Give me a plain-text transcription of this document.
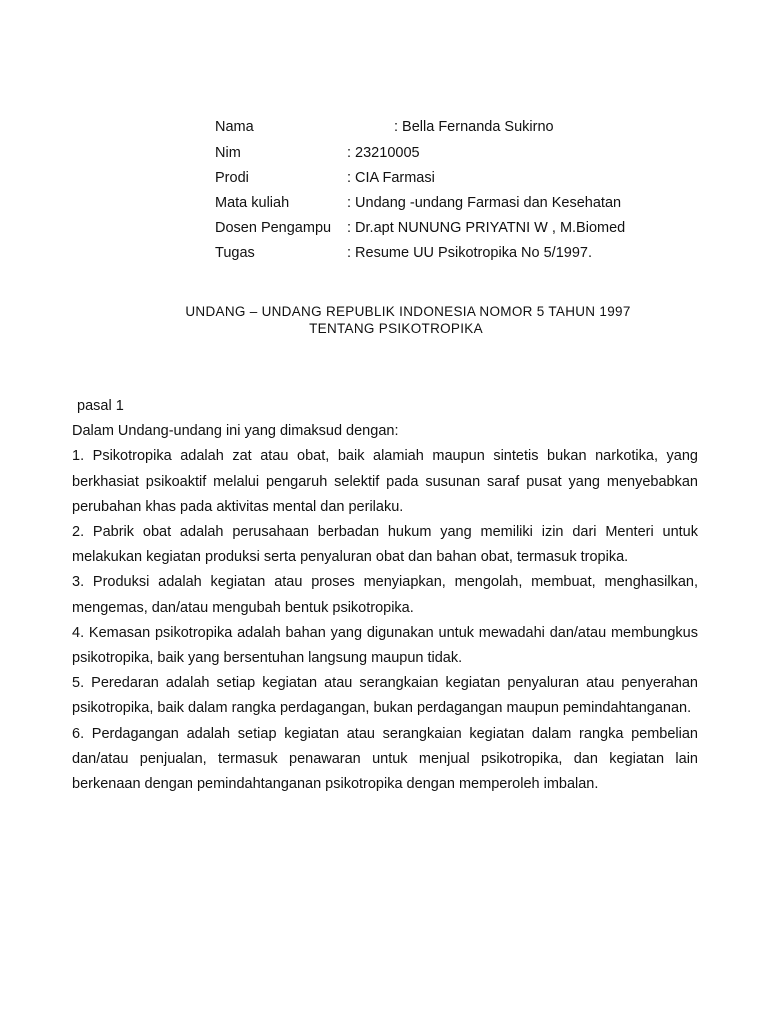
Nama	: Bella Fernanda Sukirno
Nim	: 23210005
Prodi	: CIA Farmasi
Mata kuliah	: Undang -undang Farmasi dan Kesehatan
Dosen Pengampu : Dr.apt NUNUNG PRIYATNI W , M.Biomed
Tugas	: Resume UU Psikotropika No 5/1997.
UNDANG – UNDANG REPUBLIK INDONESIA NOMOR 5 TAHUN 1997
TENTANG PSIKOTROPIKA
pasal 1
Dalam Undang-undang ini yang dimaksud dengan:
1. Psikotropika adalah zat atau obat, baik alamiah maupun sintetis bukan narkotika, yang berkhasiat psikoaktif melalui pengaruh selektif pada susunan saraf pusat yang menyebabkan perubahan khas pada aktivitas mental dan perilaku.
2. Pabrik obat adalah perusahaan berbadan hukum yang memiliki izin dari Menteri untuk melakukan kegiatan produksi serta penyaluran obat dan bahan obat, termasuk tropika.
3. Produksi adalah kegiatan atau proses menyiapkan, mengolah, membuat, menghasilkan, mengemas, dan/atau mengubah bentuk psikotropika.
4. Kemasan psikotropika adalah bahan yang digunakan untuk mewadahi dan/atau membungkus psikotropika, baik yang bersentuhan langsung maupun tidak.
5. Peredaran adalah setiap kegiatan atau serangkaian kegiatan penyaluran atau penyerahan psikotropika, baik dalam rangka perdagangan, bukan perdagangan maupun pemindahtanganan.
6. Perdagangan adalah setiap kegiatan atau serangkaian kegiatan dalam rangka pembelian dan/atau penjualan, termasuk penawaran untuk menjual psikotropika, dan kegiatan lain berkenaan dengan pemindahtanganan psikotropika dengan memperoleh imbalan.
